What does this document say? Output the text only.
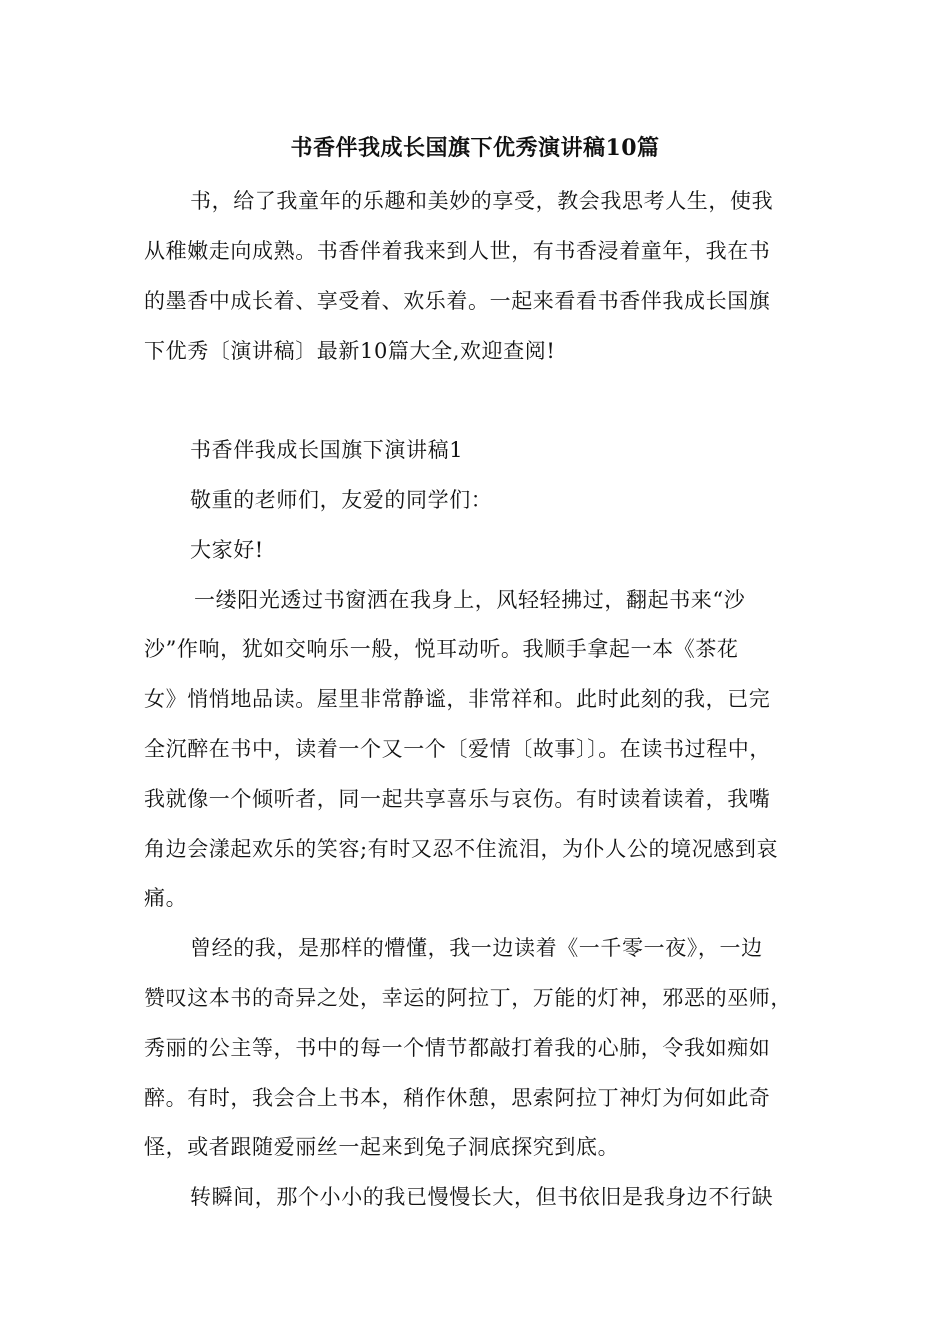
书香伴我成长国旗下优秀演讲稿10篇
书，给了我童年的乐趣和美妙的享受，教会我思考人生，使我
从稚嫩走向成熟。书香伴着我来到人世，有书香浸着童年，我在书
的墨香中成长着、享受着、欢乐着。一起来看看书香伴我成长国旗
下优秀〔演讲稿〕最新10篇大全,欢迎查阅!
书香伴我成长国旗下演讲稿1
敬重的老师们，友爱的同学们：
大家好!
一缕阳光透过书窗洒在我身上，风轻轻拂过，翻起书来“沙
沙”作响，犹如交响乐一般，悦耳动听。我顺手拿起一本《茶花
女》悄悄地品读。屋里非常静谧，非常祥和。此时此刻的我，已完
全沉醉在书中，读着一个又一个〔爱情〔故事〕〕。在读书过程中，
我就像一个倾听者，同一起共享喜乐与哀伤。有时读着读着，我嘴
角边会漾起欢乐的笑容;有时又忍不住流泪，为仆人公的境况感到哀
痛。
曾经的我，是那样的懵懂，我一边读着《一千零一夜》，一边
赞叹这本书的奇异之处，幸运的阿拉丁，万能的灯神，邪恶的巫师，
秀丽的公主等，书中的每一个情节都敲打着我的心肺，令我如痴如
醉。有时，我会合上书本，稍作休憩，思索阿拉丁神灯为何如此奇
怪，或者跟随爱丽丝一起来到兔子洞底探究到底。
转瞬间，那个小小的我已慢慢长大，但书依旧是我身边不行缺
